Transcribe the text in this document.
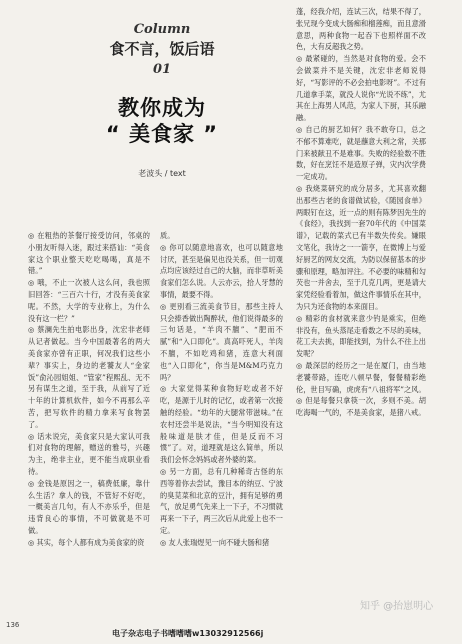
Column
食不言，饭后语
01
教你成为
“ 美食家 ”
老波头 / text

◎ 在粗热的茶餐厅接受访问，邻桌的小朋友听得入迷，跟过来搭讪：“美食家这个职业整天吃吃喝喝，真是不错。”

◎ 哦，不止一次被人这么问，我也照旧回答：“三百六十行，才没有美食家呢。不然，大学的专业称上，为什么没有这一栏？”

◎ 蔡澜先生拍电影出身，沈宏非老师从记者做起。当今中国最著名的两大美食家亦曾有正职，何况我们这些小辈？事实上，身边的老饕友人“金家饭”俞沁园姐姐、“管家”程熙乱、无不另有谋生之道，至于我，从前写了近十年的计算机软件，如今不再那么辛苦，把写软件的精力拿来写食物罢了。

◎ 话未说完，美食家只是大家认可我们对食物的理解，赠送的雅号，兴趣为主，绝非主业，更不能当成职业看待。

◎ 金钱是原因之一，稿费低廉，靠什么生活？拿人的钱，不管好不好吃，一概美言几句，有人不亦乐乎，但是违背良心的事情，不可做就是不可做。

◎ 其实，每个人都有成为美食家的资

质。

◎ 你可以随意地喜欢，也可以随意地讨厌，甚至是偏见也没关系，但一切观点均应该经过自己的大脑，而非草听美食家们怎么说。人云亦云，拾人牙慧的事情，最要不得。

◎ 更别看三流美食节目，那些主持人只会捧香做出陶醉状，他们说得最多的三句话是，“羊肉不膻”、“肥而不腻”和“入口即化”。真高吓死人，羊肉不膻，不如吃鸡和猪，连意大利面也“入口即化”，你当是M&M巧克力吗？

◎ 大家觉得某种食物好吃或者不好吃，是源于儿时的记忆，或者第一次接触的经验。“幼年的大腿常带滋味。”在农村还尝半是说法，“当今明知没有这般味道是肤才佳，但是反而不习惯”了。对，道理就是这么简单，所以我们会怀念妈妈或者外婆的菜。

◎ 另一方面，总有几种稀奇古怪的东西等着你去尝试，豫目本的纳豆、宁波的臭苋菜和北京的豆汁，拥有足够的勇气，放足勇气先来上一下子，不习惯就再来一下子，两三次后从此爱上也不一定。

◎ 友人张瑞煜见一向不碰大肠和猪

蓬，经我介绍，连试三次，结果不得了，张兄现今变成大肠痴和榴莲痴，而且意滑意思，两种食物一起吞下也照样面不改色，大有反超我之势。

◎ 最紧碰的，当然是对食物的爱。会不会做菜并不是关键，沈宏非老师说得好，“写影评的不必会拍电影呀”。不过有几道拿手菜，就没人说你“光说不练”，尤其在上海男人风范，为家人下厨，其乐融融。

◎ 自己的厨艺如何？我不敢夸口，总之不郁不算难吃，就是蘸意大利之常，关那门来被献丑不是难事。失败的经验数不胜数，好在烹饪不是造原子弹，灾内次学费一定成功。

◎ 我烧菜研究的成分居多，尤其喜欢翻出那些古老的食谱做试验，《随园食单》两眼钉在这，近一点的则有陈梦因先生的《食经》，我找到一套70年代的《中国菜谱》，记载的菜式已有半数失传矣。嫌眼文笔化，我诗之一一箭亨，在微博上与爱好厨艺的网友交流，为防以保留基本的步骤和原理，略加评注。不必要的味精和勾芡也一并舍去，至于几克几两，更是请大家凭经验看着加，做这件事情乐在其中，为只为还食物的本来面目。

◎ 精彩的食材就来意少钓是乘实，但绝非没有，鱼头蒸尾走看数之不尽的美味，花工夫去挑，即能找到，为什么不往上出发呢？

◎ 最深层的经历之一是在厦门，由当地老饕带路，连吃八顿早餐，餐餐精彩绝伦，世目写确，虎虎有“八祖将军”之风。

◎ 但是每餐只拿筷一次，多则不美。胡吃海喝一气的，不是美食家，是猪八戒。

136
电子杂志电子书嗜嗜嗜w13032912566j
知乎 @抬崽明心
